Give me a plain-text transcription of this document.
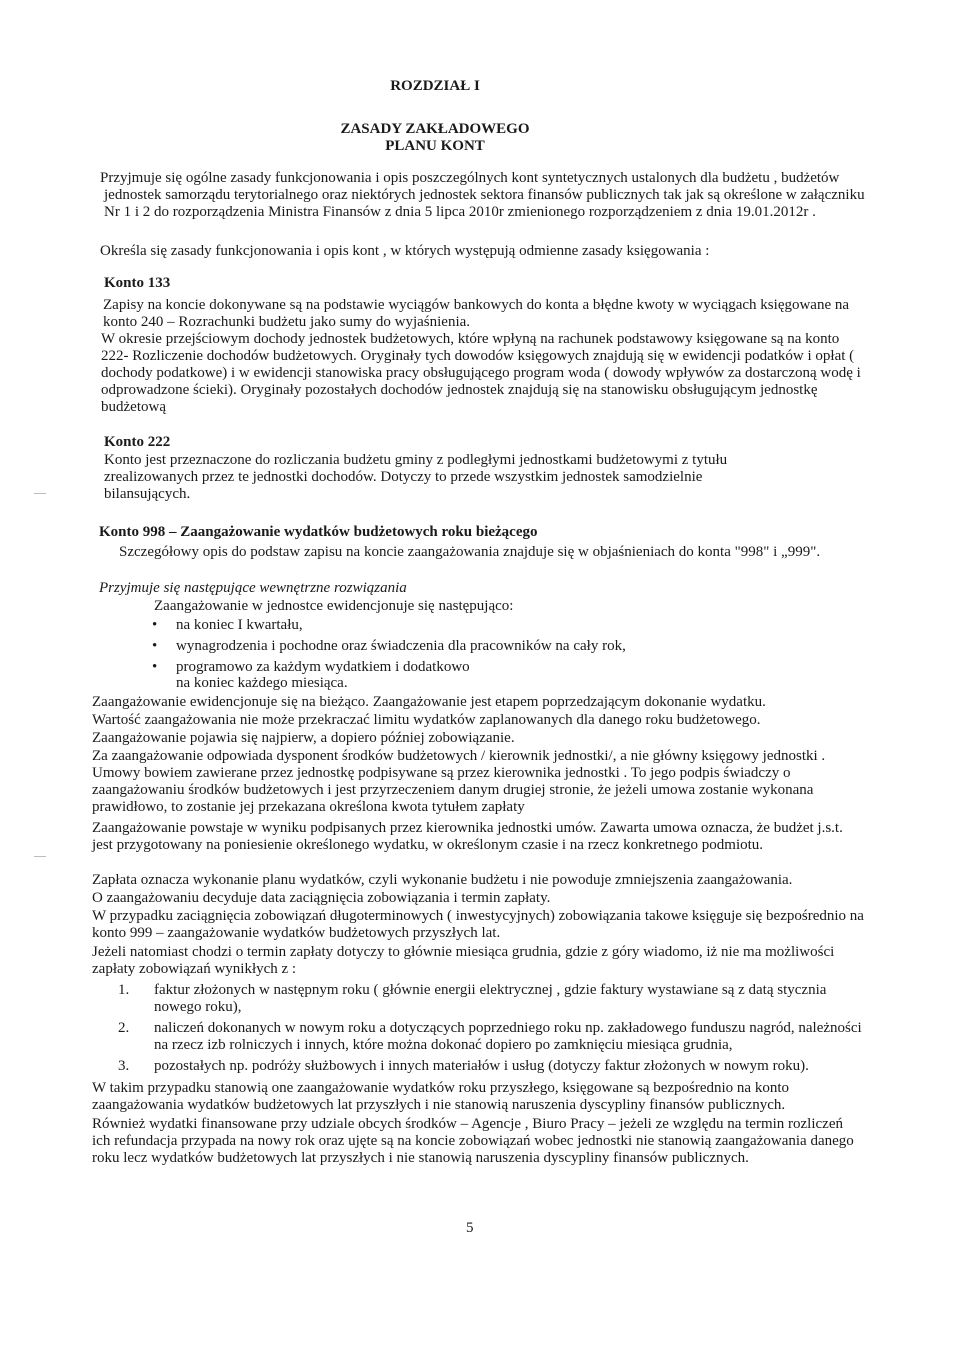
ROZDZIAŁ I
ZASADY ZAKŁADOWEGO
PLANU KONT

Przyjmuje się ogólne zasady funkcjonowania i opis poszczególnych kont syntetycznych ustalonych dla budżetu , budżetów jednostek samorządu terytorialnego oraz niektórych jednostek sektora finansów publicznych tak jak są określone w załączniku Nr 1 i 2 do rozporządzenia Ministra Finansów z dnia 5 lipca 2010r zmienionego rozporządzeniem z dnia 19.01.2012r .

Określa się zasady funkcjonowania i opis kont , w których występują odmienne zasady księgowania :

Konto 133

Zapisy na koncie dokonywane są na podstawie wyciągów bankowych do konta a błędne kwoty w wyciągach księgowane na konto 240 – Rozrachunki budżetu jako sumy do wyjaśnienia.

W okresie przejściowym dochody jednostek budżetowych, które wpłyną na rachunek podstawowy księgowane są na konto 222- Rozliczenie dochodów budżetowych. Oryginały tych dowodów księgowych znajdują się w ewidencji podatków i opłat ( dochody podatkowe) i w ewidencji stanowiska pracy obsługującego program woda ( dowody wpływów za dostarczoną wodę i odprowadzone ścieki). Oryginały pozostałych dochodów jednostek znajdują się na stanowisku obsługującym jednostkę budżetową

Konto 222

Konto jest przeznaczone do rozliczania budżetu gminy z podległymi jednostkami budżetowymi z tytułu zrealizowanych przez te jednostki dochodów. Dotyczy to przede wszystkim jednostek samodzielnie bilansujących.

Konto 998 – Zaangażowanie wydatków budżetowych roku bieżącego

Szczegółowy opis do podstaw zapisu na koncie zaangażowania znajduje się w objaśnieniach do konta "998" i „999".

Przyjmuje się następujące wewnętrzne rozwiązania
Zaangażowanie w jednostce ewidencjonuje się następująco:
• na koniec I kwartału,
• wynagrodzenia i pochodne oraz świadczenia dla pracowników na cały rok,
• programowo za każdym wydatkiem i dodatkowo
na koniec każdego miesiąca.

Zaangażowanie ewidencjonuje się na bieżąco. Zaangażowanie jest etapem poprzedzającym dokonanie wydatku.

Wartość zaangażowania nie może przekraczać limitu wydatków zaplanowanych dla danego roku budżetowego.

Zaangażowanie pojawia się najpierw, a dopiero później zobowiązanie.

Za zaangażowanie odpowiada dysponent środków budżetowych / kierownik jednostki/, a nie główny księgowy jednostki . Umowy bowiem zawierane przez jednostkę podpisywane są przez kierownika jednostki . To jego podpis świadczy o zaangażowaniu środków budżetowych i jest przyrzeczeniem danym drugiej stronie, że jeżeli umowa zostanie wykonana prawidłowo, to zostanie jej przekazana określona kwota tytułem zapłaty

Zaangażowanie powstaje w wyniku podpisanych przez kierownika jednostki umów. Zawarta umowa oznacza, że budżet j.s.t. jest przygotowany na poniesienie określonego wydatku, w określonym czasie i na rzecz konkretnego podmiotu.

Zapłata oznacza wykonanie planu wydatków, czyli wykonanie budżetu i nie powoduje zmniejszenia zaangażowania.

O zaangażowaniu decyduje data zaciągnięcia zobowiązania i termin zapłaty.

W przypadku zaciągnięcia zobowiązań długoterminowych ( inwestycyjnych) zobowiązania takowe księguje się bezpośrednio na konto 999 – zaangażowanie wydatków budżetowych przyszłych lat.

Jeżeli natomiast chodzi o termin zapłaty dotyczy to głównie miesiąca grudnia, gdzie z góry wiadomo, iż nie ma możliwości zapłaty zobowiązań wynikłych z :

1. faktur złożonych w następnym roku ( głównie energii elektrycznej , gdzie faktury wystawiane są z datą stycznia nowego roku),
2. naliczeń dokonanych w nowym roku a dotyczących poprzedniego roku np. zakładowego funduszu nagród, należności na rzecz izb rolniczych i innych, które można dokonać dopiero po zamknięciu miesiąca grudnia,
3. pozostałych np. podróży służbowych i innych materiałów i usług (dotyczy faktur złożonych w nowym roku).

W takim przypadku stanowią one zaangażowanie wydatków roku przyszłego, księgowane są bezpośrednio na konto zaangażowania wydatków budżetowych lat przyszłych i nie stanowią naruszenia dyscypliny finansów publicznych.

Również wydatki finansowane przy udziale obcych środków – Agencje , Biuro Pracy – jeżeli ze względu na termin rozliczeń ich refundacja przypada na nowy rok oraz ujęte są na koncie zobowiązań wobec jednostki nie stanowią zaangażowania danego roku lecz wydatków budżetowych lat przyszłych i nie stanowią naruszenia dyscypliny finansów publicznych.

5
